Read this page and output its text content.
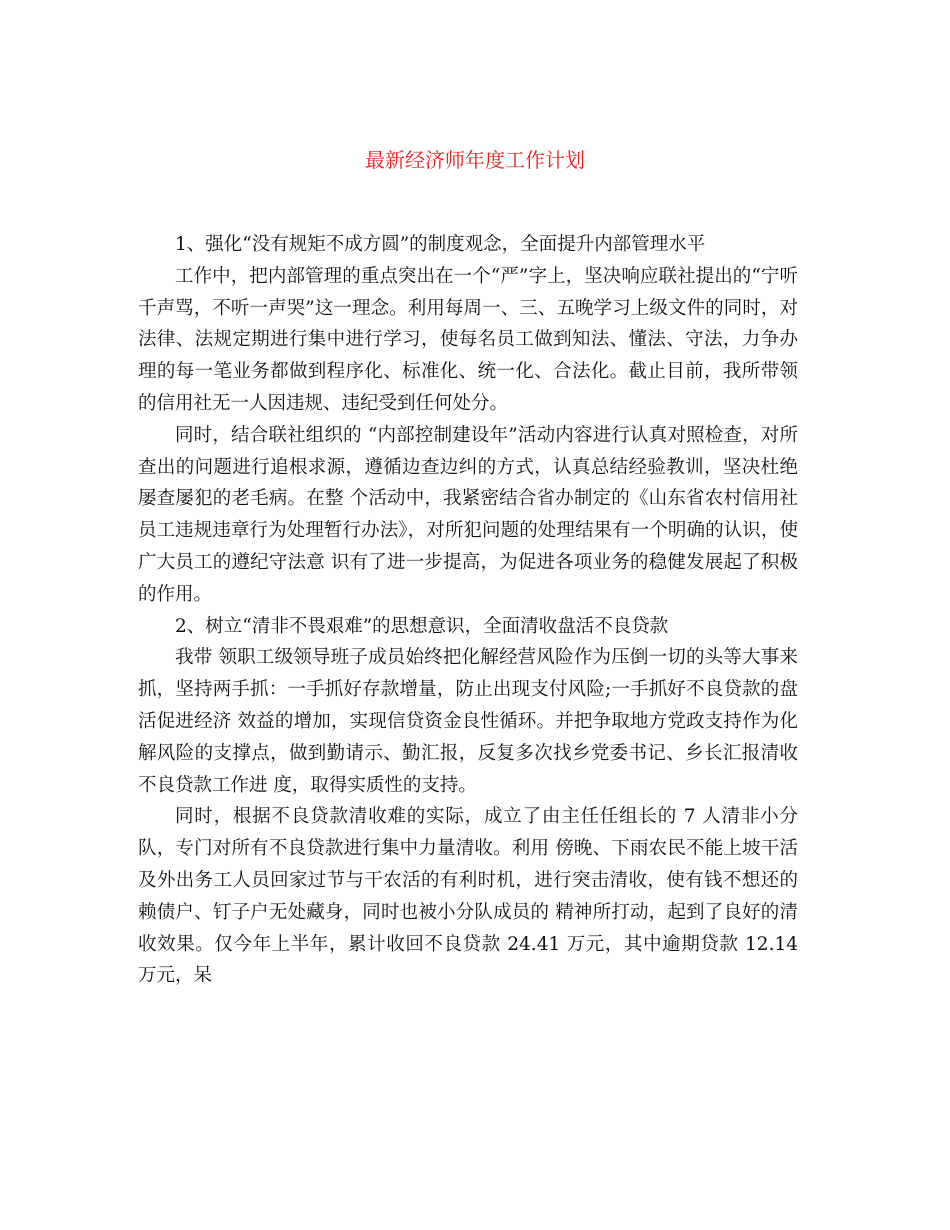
最新经济师年度工作计划

1、强化“没有规矩不成方圆”的制度观念，全面提升内部管理水平

工作中，把内部管理的重点突出在一个“严”字上，坚决响应联社提出的“宁听千声骂，不听一声哭”这一理念。利用每周一、三、五晚学习上级文件的同时，对法律、法规定期进行集中进行学习，使每名员工做到知法、懂法、守法，力争办理的每一笔业务都做到程序化、标准化、统一化、合法化。截止目前，我所带领的信用社无一人因违规、违纪受到任何处分。

同时，结合联社组织的 “内部控制建设年”活动内容进行认真对照检查，对所查出的问题进行追根求源，遵循边查边纠的方式，认真总结经验教训，坚决杜绝屡查屡犯的老毛病。在整 个活动中，我紧密结合省办制定的《山东省农村信用社员工违规违章行为处理暂行办法》，对所犯问题的处理结果有一个明确的认识，使广大员工的遵纪守法意 识有了进一步提高，为促进各项业务的稳健发展起了积极的作用。

2、树立“清非不畏艰难”的思想意识，全面清收盘活不良贷款

我带 领职工级领导班子成员始终把化解经营风险作为压倒一切的头等大事来抓，坚持两手抓：一手抓好存款增量，防止出现支付风险;一手抓好不良贷款的盘活促进经济 效益的增加，实现信贷资金良性循环。并把争取地方党政支持作为化解风险的支撑点，做到勤请示、勤汇报，反复多次找乡党委书记、乡长汇报清收不良贷款工作进 度，取得实质性的支持。

同时，根据不良贷款清收难的实际，成立了由主任任组长的 7 人清非小分队，专门对所有不良贷款进行集中力量清收。利用 傍晚、下雨农民不能上坡干活及外出务工人员回家过节与干农活的有利时机，进行突击清收，使有钱不想还的赖债户、钉子户无处藏身，同时也被小分队成员的 精神所打动，起到了良好的清收效果。仅今年上半年，累计收回不良贷款 24.41 万元，其中逾期贷款 12.14 万元，呆
